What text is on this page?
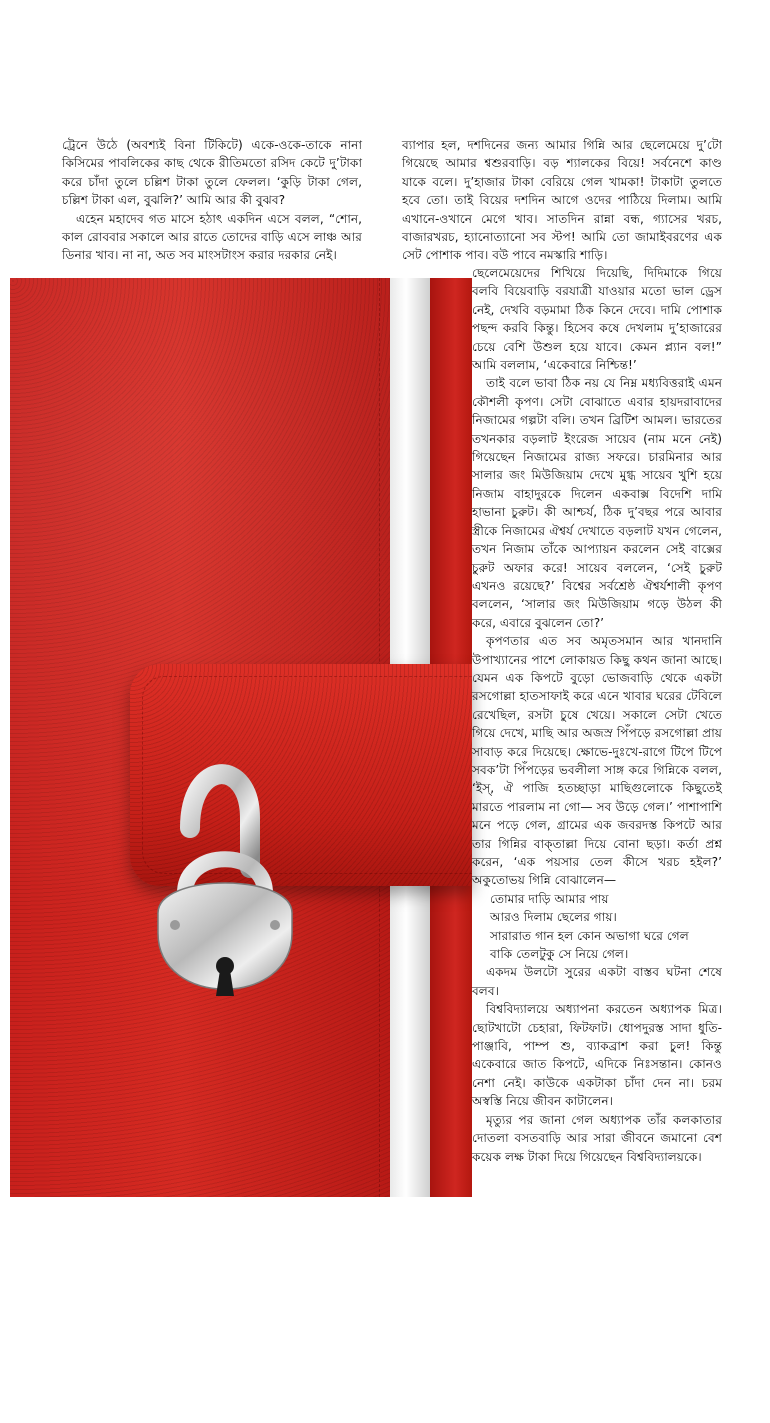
ট্রেনে উঠে (অবশ্যই বিনা টিকিটে) একে-ওকে-তাকে নানা কিসিমের পাবলিকের কাছ থেকে রীতিমতো রসিদ কেটে দু’টাকা করে চাঁদা তুলে চল্লিশ টাকা তুলে ফেলল। ‘কুড়ি টাকা গেল, চল্লিশ টাকা এল, বুঝলি?’ আমি আর কী বুঝব?

এহেন মহাদেব গত মাসে হঠাৎ একদিন এসে বলল, “শোন, কাল রোববার সকালে আর রাতে তোদের বাড়ি এসে লাঞ্চ আর ডিনার খাব। না না, অত সব মাংসটাংস করার দরকার নেই।

ব্যাপার হল, দশদিনের জন্য আমার গিন্নি আর ছেলেমেয়ে দু’টো গিয়েছে আমার শ্বশুরবাড়ি। বড় শ্যালকের বিয়ে! সর্বনেশে কাণ্ড যাকে বলে। দু’হাজার টাকা বেরিয়ে গেল খামকা! টাকাটা তুলতে হবে তো। তাই বিয়ের দশদিন আগে ওদের পাঠিয়ে দিলাম। আমি এখানে-ওখানে মেগে খাব। সাতদিন রান্না বন্ধ, গ্যাসের খরচ, বাজারখরচ, হ্যানোত্যানো সব স্টপ! আমি তো জামাইবরণের এক সেট পোশাক পাব। বউ পাবে নমস্কারি শাড়ি।

১৮ রোববার

ছেলেমেয়েদের শিখিয়ে দিয়েছি, দিদিমাকে গিয়ে বলবি বিয়েবাড়ি বরযাত্রী যাওয়ার মতো ভাল ড্রেস নেই, দেখবি বড়মামা ঠিক কিনে দেবে। দামি পোশাক পছন্দ করবি কিন্তু। হিসেব কষে দেখলাম দু’হাজারের চেয়ে বেশি উশুল হয়ে যাবে। কেমন প্ল্যান বল!” আমি বললাম, ‘একেবারে নিশ্চিন্ত!’

তাই বলে ভাবা ঠিক নয় যে নিম্ন মধ্যবিত্তরাই এমন কৌশলী কৃপণ। সেটা বোঝাতে এবার হায়দরাবাদের নিজামের গল্পটা বলি। তখন ব্রিটিশ আমল। ভারতের তখনকার বড়লাট ইংরেজ সায়েব (নাম মনে নেই) গিয়েছেন নিজামের রাজ্য সফরে। চারমিনার আর সালার জং মিউজিয়াম দেখে মুগ্ধ সায়েব খুশি হয়ে নিজাম বাহাদুরকে দিলেন একবাক্স বিদেশি দামি হাভানা চুরুট। কী আশ্চর্য, ঠিক দু’বছর পরে আবার স্ত্রীকে নিজামের ঐশ্বর্য দেখাতে বড়লাট যখন গেলেন, তখন নিজাম তাঁকে আপ্যায়ন করলেন সেই বাক্সের চুরুট অফার করে! সায়েব বললেন, ‘সেই চুরুট এখনও রয়েছে?’ বিশ্বের সর্বশ্রেষ্ঠ ঐশ্বর্যশালী কৃপণ বললেন, ‘সালার জং মিউজিয়াম গড়ে উঠল কী করে, এবারে বুঝলেন তো?’

কৃপণতার এত সব অমৃতসমান আর খানদানি উপাখ্যানের পাশে লোকায়ত কিছু কথন জানা আছে। যেমন এক কিপটে বুড়ো ভোজবাড়ি থেকে একটা রসগোল্লা হাতসাফাই করে এনে খাবার ঘরের টেবিলে রেখেছিল, রসটা চুষে খেয়ে। সকালে সেটা খেতে গিয়ে দেখে, মাছি আর অজস্র পিঁপড়ে রসগোল্লা প্রায় সাবাড় করে দিয়েছে। ক্ষোভে-দুঃখে-রাগে টিপে টিপে সবক’টা পিঁপড়ের ভবলীলা সাঙ্গ করে গিন্নিকে বলল, ‘ইস্, ঐ পাজি হতচ্ছাড়া মাছিগুলোকে কিছুতেই মারতে পারলাম না গো— সব উড়ে গেল।’ পাশাপাশি মনে পড়ে গেল, গ্রামের এক জবরদস্ত কিপটে আর তার গিন্নির বাক্‌তাল্লা দিয়ে বোনা ছড়া। কর্তা প্রশ্ন করেন, ‘এক পয়সার তেল কীসে খরচ হইল?’ অকুতোভয় গিন্নি বোঝালেন—

তোমার দাড়ি আমার পায়

আরও দিলাম ছেলের গায়।

সারারাত গান হল কোন অভাগা ঘরে গেল

বাকি তেলটুকু সে নিয়ে গেল।

একদম উলটো সুরের একটা বাস্তব ঘটনা শেষে বলব।

বিশ্ববিদ্যালয়ে অধ্যাপনা করতেন অধ্যাপক মিত্র। ছোটখাটো চেহারা, ফিটফাট। ধোপদুরস্ত সাদা ধুতি-পাঞ্জাবি, পাম্প শু, ব্যাকব্রাশ করা চুল! কিন্তু একেবারে জাত কিপটে, এদিকে নিঃসন্তান। কোনও নেশা নেই। কাউকে একটাকা চাঁদা দেন না। চরম অস্বস্তি নিয়ে জীবন কাটালেন।

মৃত্যুর পর জানা গেল অধ্যাপক তাঁর কলকাতার দোতলা বসতবাড়ি আর সারা জীবনে জমানো বেশ কয়েক লক্ষ টাকা দিয়ে গিয়েছেন বিশ্ববিদ্যালয়কে।
